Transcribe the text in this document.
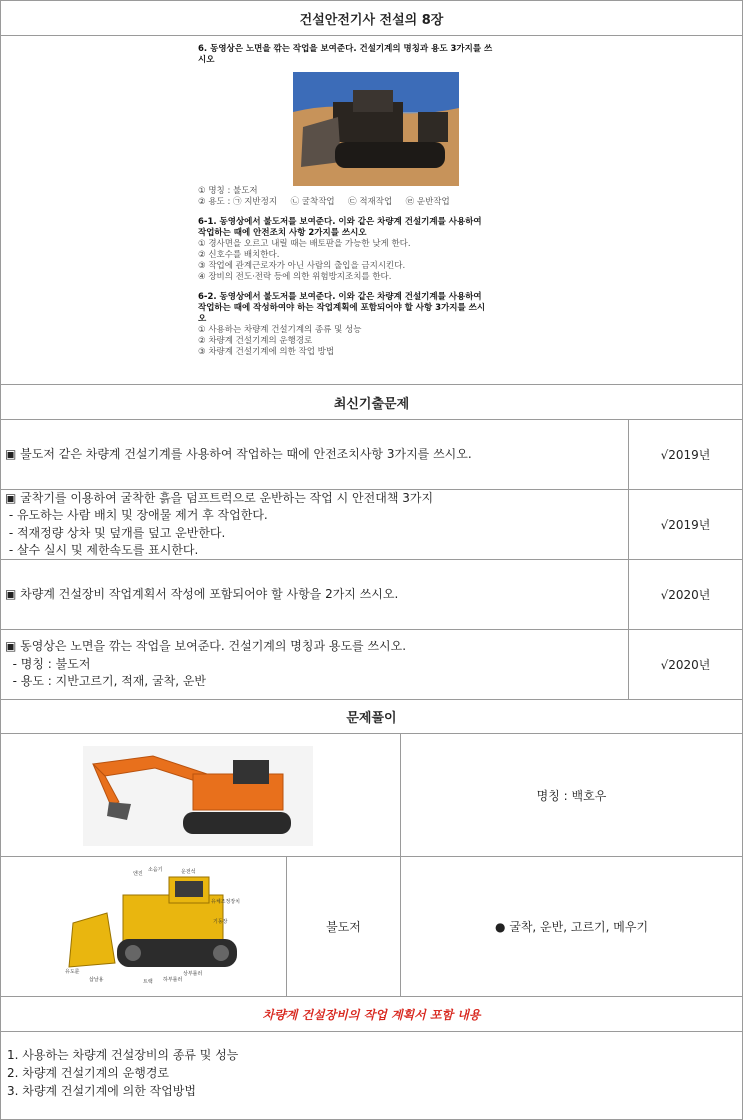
건설안전기사 전설의 8장
6. 동영상은 노면을 깎는 작업을 보여준다. 건설기계의 명칭과 용도 3가지를 쓰
시오
① 명칭 : 불도저
② 용도 : ㉠ 지반정지     ㉡ 굴착작업     ㉢ 적재작업     ㉣ 운반작업
6-1. 동영상에서 불도저를 보여준다. 이와 같은 차량계 건설기계를 사용하여
작업하는 때에 안전조치 사항 2가지를 쓰시오
① 경사면을 오르고 내릴 때는 배토판을 가능한 낮게 한다.
② 신호수를 배치한다.
③ 작업에 관계근로자가 아닌 사람의 출입을 금지시킨다.
④ 장비의 전도·전락 등에 의한 위험방지조치를 한다.
6-2. 동영상에서 불도저를 보여준다. 이와 같은 차량계 건설기계를 사용하여
작업하는 때에 작성하여야 하는 작업계획에 포함되어야 할 사항 3가지를 쓰시
오
① 사용하는 차량계 건설기계의 종류 및 성능
② 차량계 건설기계의 운행경로
③ 차량계 건설기계에 의한 작업 방법
최신기출문제
▣ 불도저 같은 차량계 건설기계를 사용하여 작업하는 때에 안전조치사항 3가지를 쓰시오.	√2019년
▣ 굴착기를 이용하여 굴착한 흙을 덤프트럭으로 운반하는 작업 시 안전대책 3가지
- 유도하는 사람 배치 및 장애물 제거 후 작업한다.
- 적재정량 상차 및 덮개를 덮고 운반한다.
- 살수 실시 및 제한속도를 표시한다.
√2019년
▣ 차량계 건설장비 작업계획서 작성에 포함되어야 할 사항을 2가지 쓰시오.	√2020년
▣ 동영상은 노면을 깎는 작업을 보여준다. 건설기계의 명칭과 용도를 쓰시오.
- 명칭 : 불도저
- 용도 : 지반고르기, 적재, 굴착, 운반
√2020년
문제풀이
명칭 : 백호우
엔진
소음기	운전석
유체조정장치
기동장
상부롤러
하부롤러
트랙
유도륜
삽날용
불도저	● 굴착, 운반, 고르기, 메우기
차량계 건설장비의 작업 계획서 포함 내용
1. 사용하는 차량계 건설장비의 종류 및 성능
2. 차량계 건설기계의 운행경로
3. 차량계 건설기계에 의한 작업방법
